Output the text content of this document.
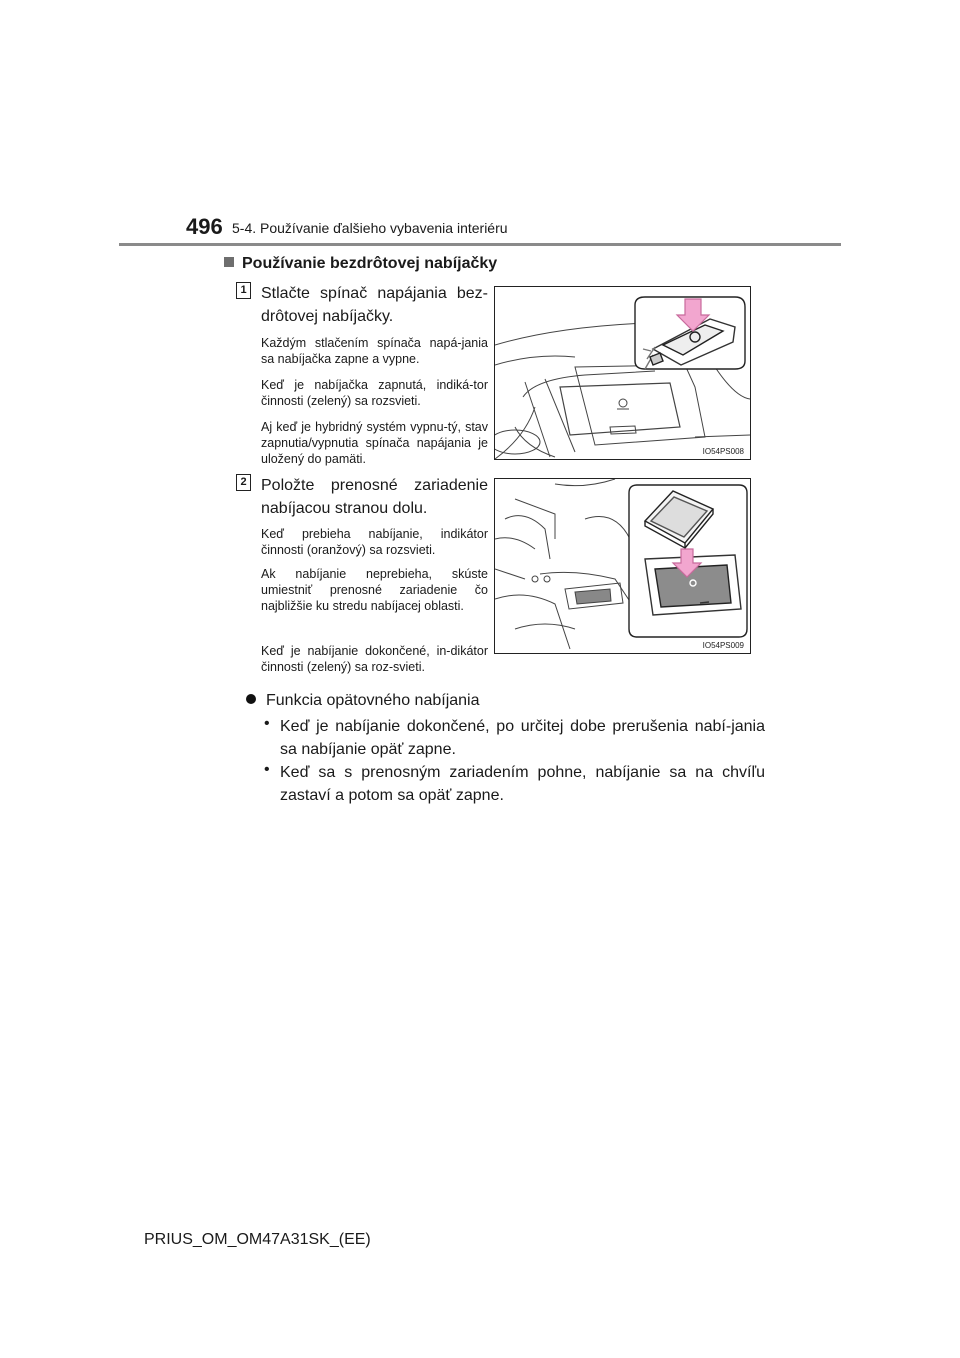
496 5-4. Používanie ďalšieho vybavenia interiéru
Používanie bezdrôtovej nabíjačky
1 Stlačte spínač napájania bez-drôtovej nabíjačky.
Každým stlačením spínača napá-jania sa nabíjačka zapne a vypne.
Keď je nabíjačka zapnutá, indiká-tor činnosti (zelený) sa rozsvieti.
Aj keď je hybridný systém vypnu-tý, stav zapnutia/vypnutia spínača napájania je uložený do pamäti.
IO54PS008
2 Položte prenosné zariadenie nabíjacou stranou dolu.
Keď prebieha nabíjanie, indikátor činnosti (oranžový) sa rozsvieti.
Ak nabíjanie neprebieha, skúste umiestniť prenosné zariadenie čo najbližšie ku stredu nabíjacej oblasti.
Keď je nabíjanie dokončené, in-dikátor činnosti (zelený) sa roz-svieti.
IO54PS009
Funkcia opätovného nabíjania
• Keď je nabíjanie dokončené, po určitej dobe prerušenia nabí-jania sa nabíjanie opäť zapne.
• Keď sa s prenosným zariadením pohne, nabíjanie sa na chvíľu zastaví a potom sa opäť zapne.
PRIUS_OM_OM47A31SK_(EE)
